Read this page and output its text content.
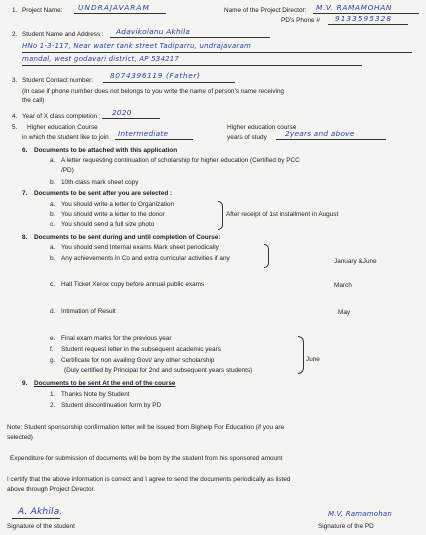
1. Project Name: UNDRAJAVARAM	Name of the Project Director: M.V. RAMAMOHAN
PD's Phone # 9133595328
2. Student Name and Address : Adavikolanu Akhila
HNo 1-3-117, Near water tank street Tadiparru, undrajavaram
mandal, west godavari district, AP 534217
3. Student Contact number:
8074396119 (Father)
(In case if phone number does not belongs to you write the name of person’s name receiving
the call)
4. Year of X class completion : 2020
5. Higher education Course
in which the student like to join Intermediate
Higher education course
years of study 2years and above
6. Documents to be attached with this application
a. A letter requesting continuation of scholarship for higher education (Certified by PCC
/PD)
b. 10th class mark sheet copy
7. Documents to be sent after you are selected :
a. You should write a letter to Organization
b. You should write a letter to the donor
c. You should send a full size photo
After receipt of 1st installment in August
8. Documents to be sent during and until completion of Course:
a. You should send Internal exams Mark sheet periodically
b. Any achievements in Co and extra curricular activities if any	January &June
c. Hall Ticket Xerox copy before annual public exams	March
d. Intimation of Result	May
e. Final exam marks for the previous year
f. Student request letter in the subsequent academic years
g. Certificate for non availing Govt/ any other scholarship
(Duly certified by Principal for 2nd and subsequent years students)
June
9. Documents to be sent At the end of the course
1. Thanks Note by Student
2. Student discontinuation form by PD
Note: Student sponsorship confirmation letter will be issued from Bighelp For Education (if you are
selected)
Expenditure for submission of documents will be born by the student from his sponsored amount
I certify that the above information is correct and I agree to send the documents periodically as listed
above through Project Director.
A. Akhila.
Signature of the student
M.V. Ramamohan
Signature of the PD
